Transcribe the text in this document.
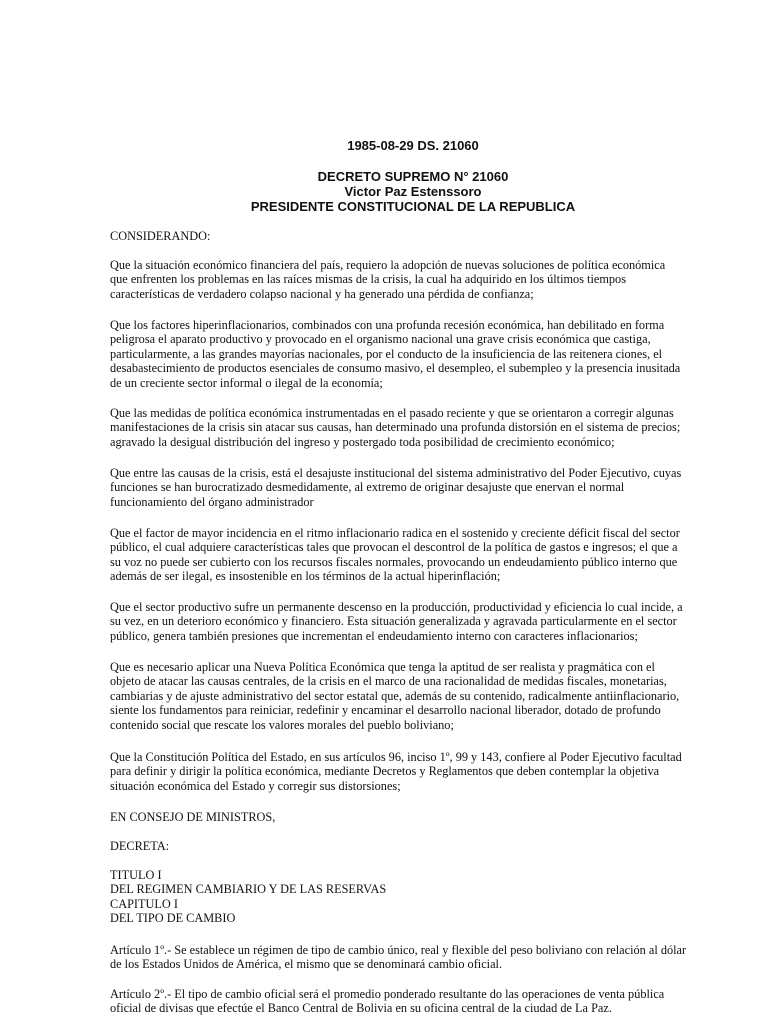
1985-08-29 DS. 21060
DECRETO SUPREMO N° 21060
Victor Paz Estenssoro
PRESIDENTE CONSTITUCIONAL DE LA REPUBLICA
CONSIDERANDO:
Que la situación económico financiera del país, requiero la adopción de nuevas soluciones de política económica
que enfrenten los problemas en las raíces mismas de la crisis, la cual ha adquirido en los últimos tiempos
características de verdadero colapso nacional y ha generado una pérdida de confianza;
Que los factores hiperinflacionarios, combinados con una profunda recesión económica, han debilitado en forma
peligrosa el aparato productivo y provocado en el organismo nacional una grave crisis económica que castiga,
particularmente, a las grandes mayorías nacionales, por el conducto de la insuficiencia de las reitenera ciones, el
desabastecimiento de productos esenciales de consumo masivo, el desempleo, el subempleo y la presencia inusitada
de un creciente sector informal o ilegal de la economía;
Que las medidas de política económica instrumentadas en el pasado reciente y que se orientaron a corregir algunas
manifestaciones de la crisis sin atacar sus causas, han determinado una profunda distorsión en el sistema de precios;
agravado la desigual distribución del ingreso y postergado toda posibilidad de crecimiento económico;
Que entre las causas de la crisis, está el desajuste institucional del sistema administrativo del Poder Ejecutivo, cuyas
funciones se han burocratizado desmedidamente, al extremo de originar desajuste que enervan el normal
funcionamiento del órgano administrador
Que el factor de mayor incidencia en el ritmo inflacionario radica en el sostenido y creciente déficit fiscal del sector
público, el cual adquiere características tales que provocan el descontrol de la política de gastos e ingresos; el que a
su voz no puede ser cubierto con los recursos fiscales normales, provocando un endeudamiento público interno que
además de ser ilegal, es insostenible en los términos de la actual hiperinflación;
Que el sector productivo sufre un permanente descenso en la producción, productividad y eficiencia lo cual incide, a
su vez, en un deterioro económico y financiero. Esta situación generalizada y agravada particularmente en el sector
público, genera también presiones que incrementan el endeudamiento interno con caracteres inflacionarios;
Que es necesario aplicar una Nueva Política Económica que tenga la aptitud de ser realista y pragmática con el
objeto de atacar las causas centrales, de la crisis en el marco de una racionalidad de medidas fiscales, monetarias,
cambiarias y de ajuste administrativo del sector estatal que, además de su contenido, radicalmente antiinflacionario,
siente los fundamentos para reiniciar, redefinir y encaminar el desarrollo nacional liberador, dotado de profundo
contenido social que rescate los valores morales del pueblo boliviano;
Que la Constitución Política del Estado, en sus artículos 96, inciso 1º, 99 y 143, confiere al Poder Ejecutivo facultad
para definir y dirigir la política económica, mediante Decretos y Reglamentos que deben contemplar la objetiva
situación económica del Estado y corregir sus distorsiones;
EN CONSEJO DE MINISTROS,
DECRETA:
TITULO I
DEL REGIMEN CAMBIARIO Y DE LAS RESERVAS
CAPITULO I
DEL TIPO DE CAMBIO
Artículo 1º.- Se establece un régimen de tipo de cambio único, real y flexible del peso boliviano con relación al dólar
de los Estados Unidos de América, el mismo que se denominará cambio oficial.
Artículo 2º.- El tipo de cambio oficial será el promedio ponderado resultante do las operaciones de venta pública
oficial de divisas que efectúe el Banco Central de Bolivia en su oficina central de la ciudad de La Paz.
